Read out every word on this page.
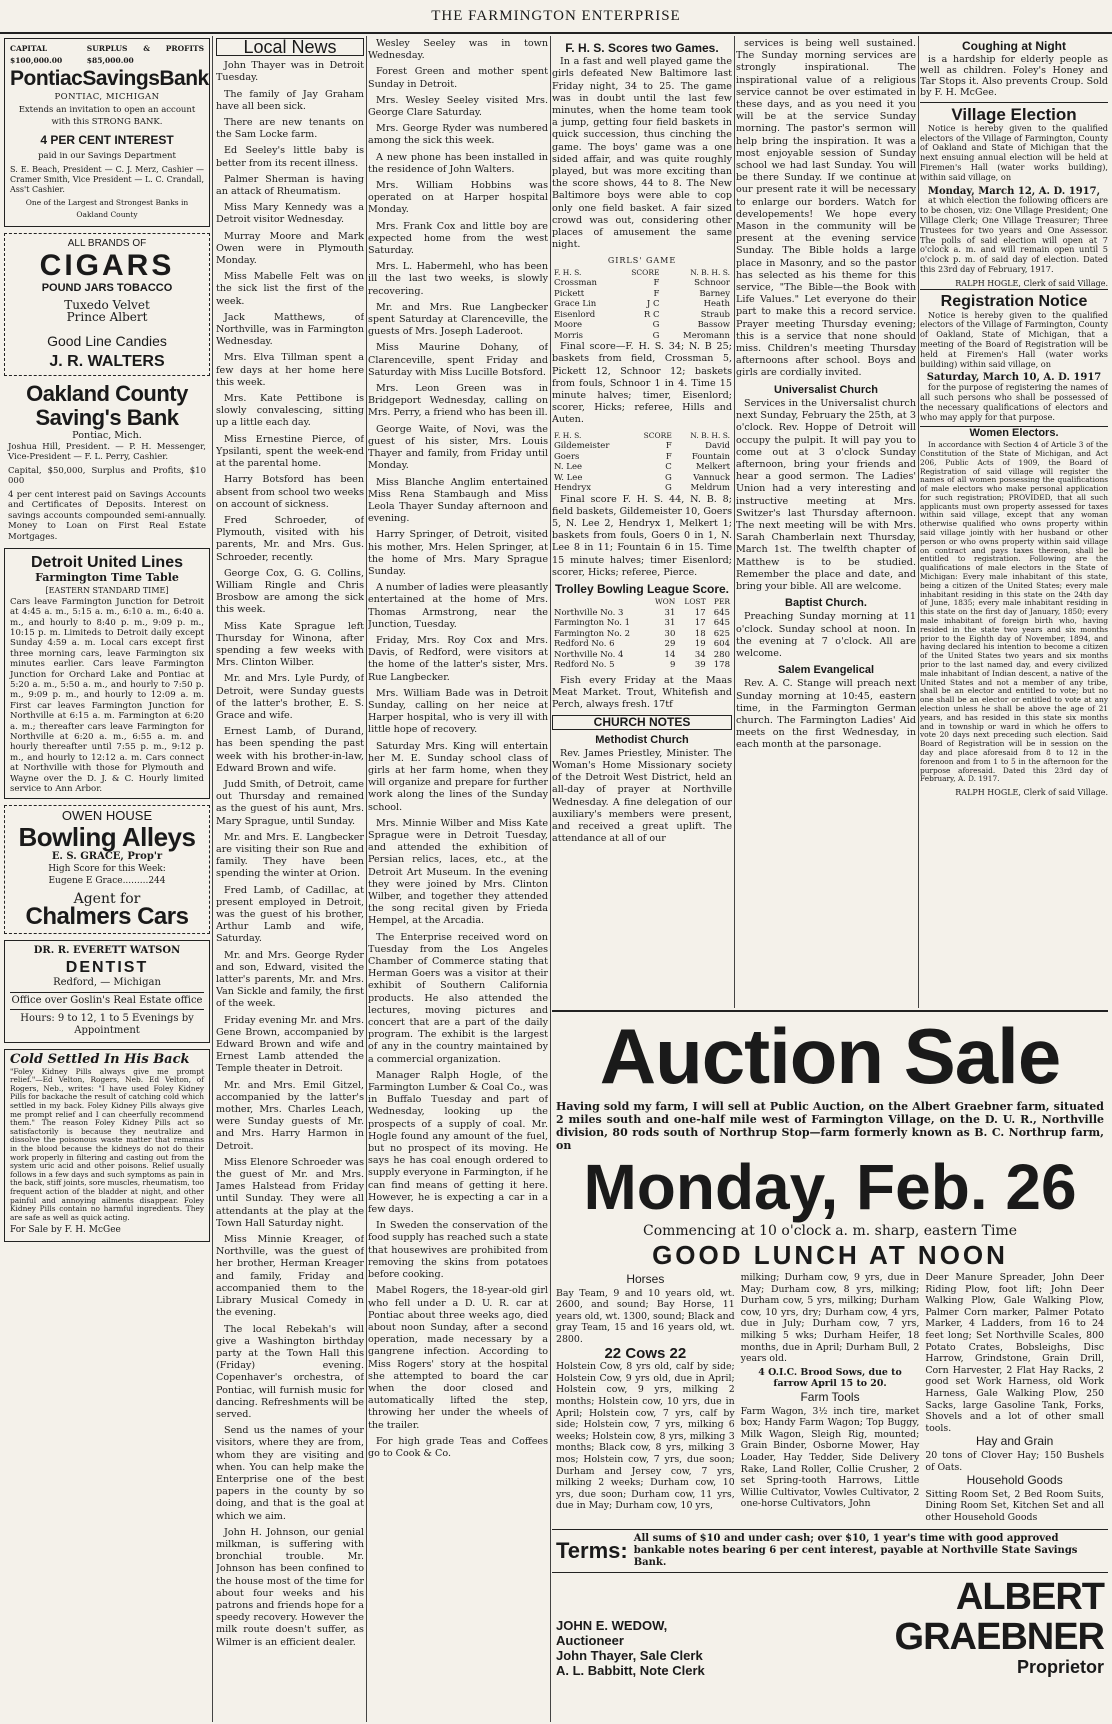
THE FARMINGTON ENTERPRISE
CAPITAL $100,000.00
SURPLUS & PROFITS $85,000.00
PontiacSavingsBank
PONTIAC, MICHIGAN
Extends an invitation to open an account with this STRONG BANK.
4 PER CENT INTEREST
paid in our Savings Department
S. E. Beach, President — C. J. Merz, Cashier — Cramer Smith, Vice President — L. C. Crandall, Ass't Cashier.
One of the Largest and Strongest Banks in Oakland County
ALL BRANDS OF
CIGARS
POUND JARS TOBACCO
Tuxedo Velvet
Prince Albert
Good Line Candies
J. R. WALTERS
Oakland County Saving's Bank
Pontiac, Mich.
Joshua Hill, President. — P. H. Messenger, Vice-President — F. L. Perry, Cashier.
Capital, $50,000, Surplus and Profits, $10 000
4 per cent interest paid on Savings Accounts and Certificates of Deposits. Interest on savings accounts compounded semi-annually. Money to Loan on First Real Estate Mortgages.
Detroit United Lines
Farmington Time Table
[EASTERN STANDARD TIME]
Cars leave Farmington Junction for Detroit at 4:45 a. m., 5:15 a. m., 6:10 a. m., 6:40 a. m., and hourly to 8:40 p. m., 9:09 p. m., 10:15 p. m. Limiteds to Detroit daily except Sunday 4:59 a. m. Local cars except first three morning cars, leave Farmington six minutes earlier. Cars leave Farmington Junction for Orchard Lake and Pontiac at 5:20 a. m., 5:50 a. m., and hourly to 7:50 p. m., 9:09 p. m., and hourly to 12:09 a. m. First car leaves Farmington Junction for Northville at 6:15 a. m. Farmington at 6:20 a. m.; thereafter cars leave Farmington for Northville at 6:20 a. m., 6:55 a. m. and hourly thereafter until 7:55 p. m., 9:12 p. m., and hourly to 12:12 a. m. Cars connect at Northville with those for Plymouth and Wayne over the D. J. & C. Hourly limited service to Ann Arbor.
OWEN HOUSE
Bowling Alleys
E. S. GRACE, Prop'r
High Score for this Week:
Eugene E Grace.........244
Agent for
Chalmers Cars
DR. R. EVERETT WATSON
DENTIST
Redford, — Michigan
Office over Goslin's Real Estate office
Hours: 9 to 12, 1 to 5 Evenings by Appointment
Cold Settled In His Back
"Foley Kidney Pills always give me prompt relief."—Ed Velton, Rogers, Neb. Ed Velton, of Rogers, Neb., writes: "I have used Foley Kidney Pills for backache the result of catching cold which settled in my back. Foley Kidney Pills always give me prompt relief and I can cheerfully recommend them." The reason Foley Kidney Pills act so satisfactorily is because they neutralize and dissolve the poisonous waste matter that remains in the blood because the kidneys do not do their work properly in filtering and casting out from the system uric acid and other poisons. Relief usually follows in a few days and such symptoms as pain in the back, stiff joints, sore muscles, rheumatism, too frequent action of the bladder at night, and other painful and annoying ailments disappear. Foley Kidney Pills contain no harmful ingredients. They are safe as well as quick acting.
For Sale by F. H. McGee
Local News
John Thayer was in Detroit Tuesday.
The family of Jay Graham have all been sick.
There are new tenants on the Sam Locke farm.
Ed Seeley's little baby is better from its recent illness.
Palmer Sherman is having an attack of Rheumatism.
Miss Mary Kennedy was a Detroit visitor Wednesday.
Murray Moore and Mark Owen were in Plymouth Monday.
Miss Mabelle Felt was on the sick list the first of the week.
Jack Matthews, of Northville, was in Farmington Wednesday.
Mrs. Elva Tillman spent a few days at her home here this week.
Mrs. Kate Pettibone is slowly convalescing, sitting up a little each day.
Miss Ernestine Pierce, of Ypsilanti, spent the week-end at the parental home.
Harry Botsford has been absent from school two weeks on account of sickness.
Fred Schroeder, of Plymouth, visited with his parents, Mr. and Mrs. Gus. Schroeder, recently.
George Cox, G. G. Collins, William Ringle and Chris Brosbow are among the sick this week.
Miss Kate Sprague left Thursday for Winona, after spending a few weeks with Mrs. Clinton Wilber.
Mr. and Mrs. Lyle Purdy, of Detroit, were Sunday guests of the latter's brother, E. S. Grace and wife.
Ernest Lamb, of Durand, has been spending the past week with his brother-in-law, Edward Brown and wife.
Judd Smith, of Detroit, came out Thursday and remained as the guest of his aunt, Mrs. Mary Sprague, until Sunday.
Mr. and Mrs. E. Langbecker are visiting their son Rue and family. They have been spending the winter at Orion.
Fred Lamb, of Cadillac, at present employed in Detroit, was the guest of his brother, Arthur Lamb and wife, Saturday.
Mr. and Mrs. George Ryder and son, Edward, visited the latter's parents, Mr. and Mrs. Van Sickle and family, the first of the week.
Friday evening Mr. and Mrs. Gene Brown, accompanied by Edward Brown and wife and Ernest Lamb attended the Temple theater in Detroit.
Mr. and Mrs. Emil Gitzel, accompanied by the latter's mother, Mrs. Charles Leach, were Sunday guests of Mr. and Mrs. Harry Harmon in Detroit.
Miss Elenore Schroeder was the guest of Mr. and Mrs. James Halstead from Friday until Sunday. They were all attendants at the play at the Town Hall Saturday night.
Miss Minnie Kreager, of Northville, was the guest of her brother, Herman Kreager and family, Friday and accompanied them to the Library Musical Comedy in the evening.
The local Rebekah's will give a Washington birthday party at the Town Hall this (Friday) evening. Copenhaver's orchestra, of Pontiac, will furnish music for dancing. Refreshments will be served.
Send us the names of your visitors, where they are from, whom they are visiting and when. You can help make the Enterprise one of the best papers in the county by so doing, and that is the goal at which we aim.
John H. Johnson, our genial milkman, is suffering with bronchial trouble. Mr. Johnson has been confined to the house most of the time for about four weeks and his patrons and friends hope for a speedy recovery. However the milk route doesn't suffer, as Wilmer is an efficient dealer.
Wesley Seeley was in town Wednesday.
Forest Green and mother spent Sunday in Detroit.
Mrs. Wesley Seeley visited Mrs. George Clare Saturday.
Mrs. George Ryder was numbered among the sick this week.
A new phone has been installed in the residence of John Walters.
Mrs. William Hobbins was operated on at Harper hospital Monday.
Mrs. Frank Cox and little boy are expected home from the west Saturday.
Mrs. L. Habermehl, who has been ill the last two weeks, is slowly recovering.
Mr. and Mrs. Rue Langbecker spent Saturday at Clarenceville, the guests of Mrs. Joseph Laderoot.
Miss Maurine Dohany, of Clarenceville, spent Friday and Saturday with Miss Lucille Botsford.
Mrs. Leon Green was in Bridgeport Wednesday, calling on Mrs. Perry, a friend who has been ill.
George Waite, of Novi, was the guest of his sister, Mrs. Louis Thayer and family, from Friday until Monday.
Miss Blanche Anglim entertained Miss Rena Stambaugh and Miss Leola Thayer Sunday afternoon and evening.
Harry Springer, of Detroit, visited his mother, Mrs. Helen Springer, at the home of Mrs. Mary Sprague Sunday.
A number of ladies were pleasantly entertained at the home of Mrs. Thomas Armstrong, near the Junction, Tuesday.
Friday, Mrs. Roy Cox and Mrs. Davis, of Redford, were visitors at the home of the latter's sister, Mrs. Rue Langbecker.
Mrs. William Bade was in Detroit Sunday, calling on her neice at Harper hospital, who is very ill with little hope of recovery.
Saturday Mrs. King will entertain her M. E. Sunday school class of girls at her farm home, when they will organize and prepare for further work along the lines of the Sunday school.
Mrs. Minnie Wilber and Miss Kate Sprague were in Detroit Tuesday, and attended the exhibition of Persian relics, laces, etc., at the Detroit Art Museum. In the evening they were joined by Mrs. Clinton Wilber, and together they attended the song recital given by Frieda Hempel, at the Arcadia.
The Enterprise received word on Tuesday from the Los Angeles Chamber of Commerce stating that Herman Goers was a visitor at their exhibit of Southern California products. He also attended the lectures, moving pictures and concert that are a part of the daily program. The exhibit is the largest of any in the country maintained by a commercial organization.
Manager Ralph Hogle, of the Farmington Lumber & Coal Co., was in Buffalo Tuesday and part of Wednesday, looking up the prospects of a supply of coal. Mr. Hogle found any amount of the fuel, but no prospect of its moving. He says he has coal enough ordered to supply everyone in Farmington, if he can find means of getting it here. However, he is expecting a car in a few days.
In Sweden the conservation of the food supply has reached such a state that housewives are prohibited from removing the skins from potatoes before cooking.
Mabel Rogers, the 18-year-old girl who fell under a D. U. R. car at Pontiac about three weeks ago, died about noon Sunday, after a second operation, made necessary by a gangrene infection. According to Miss Rogers' story at the hospital she attempted to board the car when the door closed and automatically lifted the step, throwing her under the wheels of the trailer.
For high grade Teas and Coffees go to Cook & Co.
F. H. S. Scores two Games.
In a fast and well played game the girls defeated New Baltimore last Friday night, 34 to 25. The game was in doubt until the last few minutes, when the home team took a jump, getting four field baskets in quick succession, thus cinching the game. The boys' game was a one sided affair, and was quite roughly played, but was more exciting than the score shows, 44 to 8. The New Baltimore boys were able to cop only one field basket. A fair sized crowd was out, considering other places of amusement the same night.
GIRLS' GAME
F. H. S.	SCORE	N. B. H. S.
Crossman	F	Schnoor
Pickett	F	Barney
Grace Lin	J C	Heath
Eisenlord	R C	Straub
Moore	G	Bassow
Morris	G	Meromann
Final score—F. H. S. 34; N. B 25; baskets from field, Crossman 5, Pickett 12, Schnoor 12; baskets from fouls, Schnoor 1 in 4. Time 15 minute halves; timer, Eisenlord; scorer, Hicks; referee, Hills and Auten.
F. H. S.	SCORE	N. B. H. S.
Gildemeister	F	David
Goers	F	Fountain
N. Lee	C	Melkert
W. Lee	G	Vannuck
Hendryx	G	Meldrum
Final score F. H. S. 44, N. B. 8; field baskets, Gildemeister 10, Goers 5, N. Lee 2, Hendryx 1, Melkert 1; baskets from fouls, Goers 0 in 1, N. Lee 8 in 11; Fountain 6 in 15. Time 15 minute halves; timer Eisenlord; scorer, Hicks; referee, Pierce.
Trolley Bowling League Score.
	WON	LOST	PER
Northville No. 3	31	17	645
Farmington No. 1	31	17	645
Farmington No. 2	30	18	625
Redford No. 6	29	19	604
Northville No. 4	14	34	280
Redford No. 5	9	39	178
Fish every Friday at the Maas Meat Market. Trout, Whitefish and Perch, always fresh. 17tf
CHURCH NOTES
Methodist Church
Rev. James Priestley, Minister. The Woman's Home Missionary society of the Detroit West District, held an all-day of prayer at Northville Wednesday. A fine delegation of our auxiliary's members were present, and received a great uplift. The attendance at all of our
services is being well sustained. The Sunday morning services are strongly inspirational. The inspirational value of a religious service cannot be over estimated in these days, and as you need it you will be at the service Sunday morning. The pastor's sermon will help bring the inspiration. It was a most enjoyable session of Sunday school we had last Sunday. You will be there Sunday. If we continue at our present rate it will be necessary to enlarge our borders. Watch for developements! We hope every Mason in the community will be present at the evening service Sunday. The Bible holds a large place in Masonry, and so the pastor has selected as his theme for this service, "The Bible—the Book with Life Values." Let everyone do their part to make this a record service. Prayer meeting Thursday evening; this is a service that none should miss. Children's meeting Thursday afternoons after school. Boys and girls are cordially invited.
Universalist Church
Services in the Universalist church next Sunday, February the 25th, at 3 o'clock. Rev. Hoppe of Detroit will occupy the pulpit. It will pay you to come out at 3 o'clock Sunday afternoon, bring your friends and hear a good sermon. The Ladies' Union had a very interesting and instructive meeting at Mrs. Switzer's last Thursday afternoon. The next meeting will be with Mrs. Sarah Chamberlain next Thursday, March 1st. The twelfth chapter of Matthew is to be studied. Remember the place and date, and bring your bible. All are welcome.
Baptist Church.
Preaching Sunday morning at 11 o'clock. Sunday school at noon. In the evening at 7 o'clock. All are welcome.
Salem Evangelical
Rev. A. C. Stange will preach next Sunday morning at 10:45, eastern time, in the Farmington German church. The Farmington Ladies' Aid meets on the first Wednesday, in each month at the parsonage.
Coughing at Night
is a hardship for elderly people as well as children. Foley's Honey and Tar Stops it. Also prevents Croup. Sold by F. H. McGee.
Village Election
Notice is hereby given to the qualified electors of the Village of Farmington, County of Oakland and State of Michigan that the next ensuing annual election will be held at Firemen's Hall (water works building), within said village, on
Monday, March 12, A. D. 1917,
at which election the following officers are to be chosen, viz: One Village President; One Village Clerk; One Village Treasurer; Three Trustees for two years and One Assessor. The polls of said election will open at 7 o'clock a. m. and will remain open until 5 o'clock p. m. of said day of election. Dated this 23rd day of February, 1917.
RALPH HOGLE, Clerk of said Village.
Registration Notice
Notice is hereby given to the qualified electors of the Village of Farmington, County of Oakland, State of Michigan, that a meeting of the Board of Registration will be held at Firemen's Hall (water works building) within said village, on
Saturday, March 10, A. D. 1917
for the purpose of registering the names of all such persons who shall be possessed of the necessary qualifications of electors and who may apply for that purpose.
Women Electors.
In accordance with Section 4 of Article 3 of the Constitution of the State of Michigan, and Act 206, Public Acts of 1909, the Board of Registration of said village will register the names of all women possessing the qualifications of male electors who make personal application for such registration; PROVIDED, that all such applicants must own property assessed for taxes within said village, except that any woman otherwise qualified who owns property within said village jointly with her husband or other person or who owns property within said village on contract and pays taxes thereon, shall be entitled to registration. Following are the qualifications of male electors in the State of Michigan: Every male inhabitant of this state, being a citizen of the United States; every male inhabitant residing in this state on the 24th day of June, 1835; every male inhabitant residing in this state on the first day of January, 1850; every male inhabitant of foreign birth who, having resided in the state two years and six months prior to the Eighth day of November, 1894, and having declared his intention to become a citizen of the United States two years and six months prior to the last named day, and every civilized male inhabitant of Indian descent, a native of the United States and not a member of any tribe, shall be an elector and entitled to vote; but no one shall be an elector or entitled to vote at any election unless he shall be above the age of 21 years, and has resided in this state six months and in township or ward in which he offers to vote 20 days next preceding such election. Said Board of Registration will be in session on the day and place aforesaid from 8 to 12 in the forenoon and from 1 to 5 in the afternoon for the purpose aforesaid. Dated this 23rd day of February, A. D. 1917.
RALPH HOGLE, Clerk of said Village.
Auction Sale
Having sold my farm, I will sell at Public Auction, on the Albert Graebner farm, situated 2 miles south and one-half mile west of Farmington Village, on the D. U. R., Northville division, 80 rods south of Northrup Stop—farm formerly known as B. C. Northrup farm, on
Monday, Feb. 26
Commencing at 10 o'clock a. m. sharp, eastern Time
GOOD LUNCH AT NOON
Horses
Bay Team, 9 and 10 years old, wt. 2600, and sound; Bay Horse, 11 years old, wt. 1300, sound; Black and gray Team, 15 and 16 years old, wt. 2800.
22 Cows 22
Holstein Cow, 8 yrs old, calf by side; Holstein Cow, 9 yrs old, due in April; Holstein cow, 9 yrs, milking 2 months; Holstein cow, 10 yrs, due in April; Holstein cow, 7 yrs, calf by side; Holstein cow, 7 yrs, milking 6 weeks; Holstein cow, 8 yrs, milking 3 months; Black cow, 8 yrs, milking 3 mos; Holstein cow, 7 yrs, due soon; Durham and Jersey cow, 7 yrs, milking 2 weeks; Durham cow, 10 yrs, due soon; Durham cow, 11 yrs, due in May; Durham cow, 10 yrs,
milking; Durham cow, 9 yrs, due in May; Durham cow, 8 yrs, milking; Durham cow, 5 yrs, milking; Durham cow, 10 yrs, dry; Durham cow, 4 yrs, due in July; Durham cow, 7 yrs, milking 5 wks; Durham Heifer, 18 months, due in April; Durham Bull, 2 years old.
4 O.I.C. Brood Sows, due to farrow April 15 to 20.
Farm Tools
Farm Wagon, 3½ inch tire, market box; Handy Farm Wagon; Top Buggy, Milk Wagon, Sleigh Rig, mounted; Grain Binder, Osborne Mower, Hay Loader, Hay Tedder, Side Delivery Rake, Land Roller, Collie Crusher, 2 set Spring-tooth Harrows, Little Willie Cultivator, Vowles Cultivator, 2 one-horse Cultivators, John
Deer Manure Spreader, John Deer Riding Plow, foot lift; John Deer Walking Plow, Gale Walking Plow, Palmer Corn marker, Palmer Potato Marker, 4 Ladders, from 16 to 24 feet long; Set Northville Scales, 800 Potato Crates, Bobsleighs, Disc Harrow, Grindstone, Grain Drill, Corn Harvester, 2 Flat Hay Racks, 2 good set Work Harness, old Work Harness, Gale Walking Plow, 250 Sacks, large Gasoline Tank, Forks, Shovels and a lot of other small tools.
Hay and Grain
20 tons of Clover Hay; 150 Bushels of Oats.
Household Goods
Sitting Room Set, 2 Bed Room Suits, Dining Room Set, Kitchen Set and all other Household Goods
Terms: All sums of $10 and under cash; over $10, 1 year's time with good approved bankable notes bearing 6 per cent interest, payable at Northville State Savings Bank.
JOHN E. WEDOW, Auctioneer
John Thayer, Sale Clerk
A. L. Babbitt, Note Clerk
ALBERT GRAEBNER
Proprietor
